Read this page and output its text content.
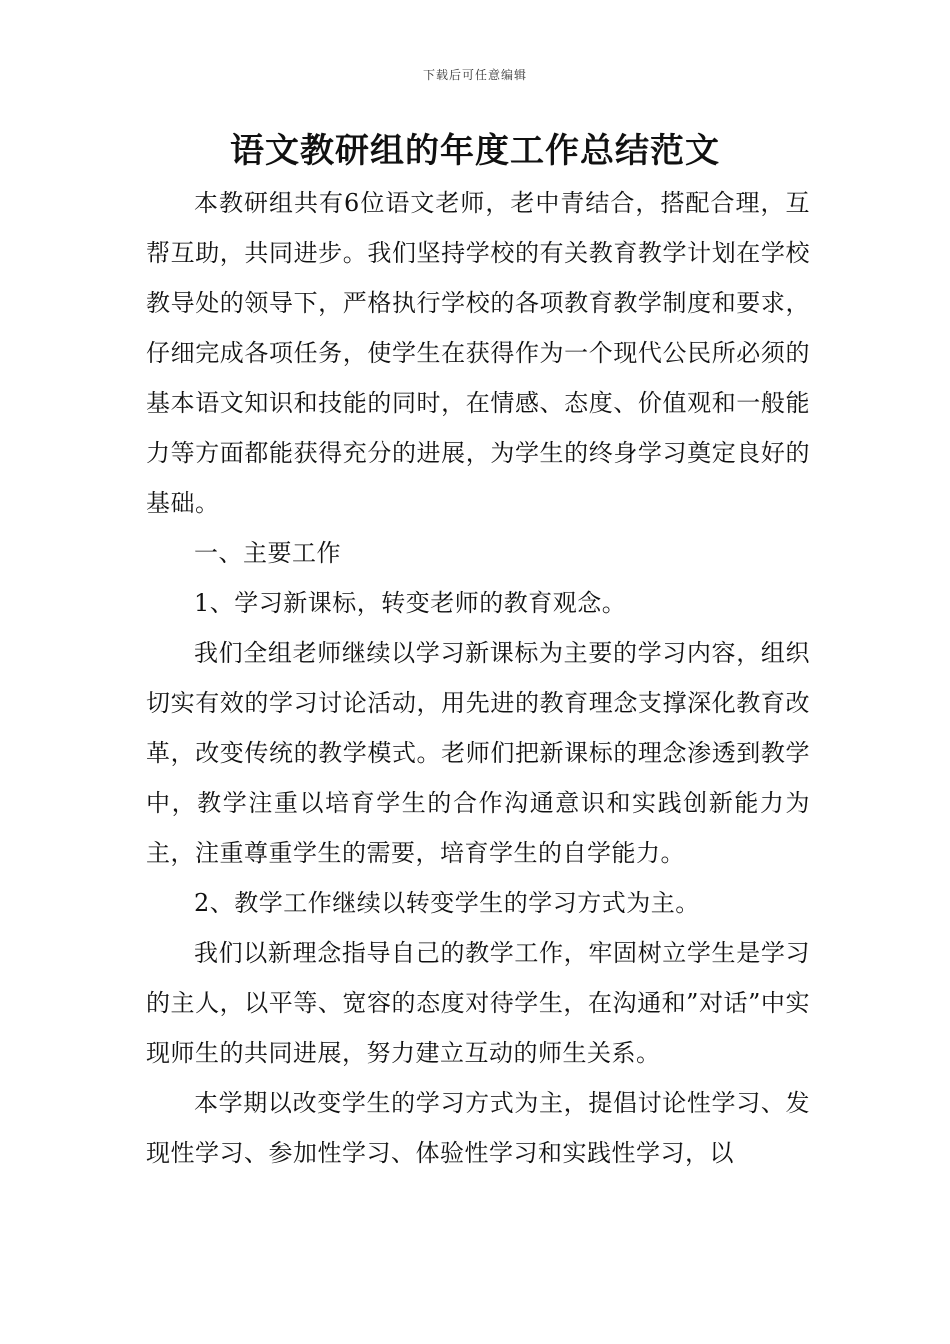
下载后可任意编辑
语文教研组的年度工作总结范文

本教研组共有6位语文老师，老中青结合，搭配合理，互帮互助，共同进步。我们坚持学校的有关教育教学计划在学校教导处的领导下，严格执行学校的各项教育教学制度和要求，仔细完成各项任务，使学生在获得作为一个现代公民所必须的基本语文知识和技能的同时，在情感、态度、价值观和一般能力等方面都能获得充分的进展，为学生的终身学习奠定良好的基础。

一、主要工作

1、学习新课标，转变老师的教育观念。

我们全组老师继续以学习新课标为主要的学习内容，组织切实有效的学习讨论活动，用先进的教育理念支撑深化教育改革，改变传统的教学模式。老师们把新课标的理念渗透到教学中，教学注重以培育学生的合作沟通意识和实践创新能力为主，注重尊重学生的需要，培育学生的自学能力。

2、教学工作继续以转变学生的学习方式为主。

我们以新理念指导自己的教学工作，牢固树立学生是学习的主人，以平等、宽容的态度对待学生，在沟通和”对话”中实现师生的共同进展，努力建立互动的师生关系。

本学期以改变学生的学习方式为主，提倡讨论性学习、发现性学习、参加性学习、体验性学习和实践性学习，以
